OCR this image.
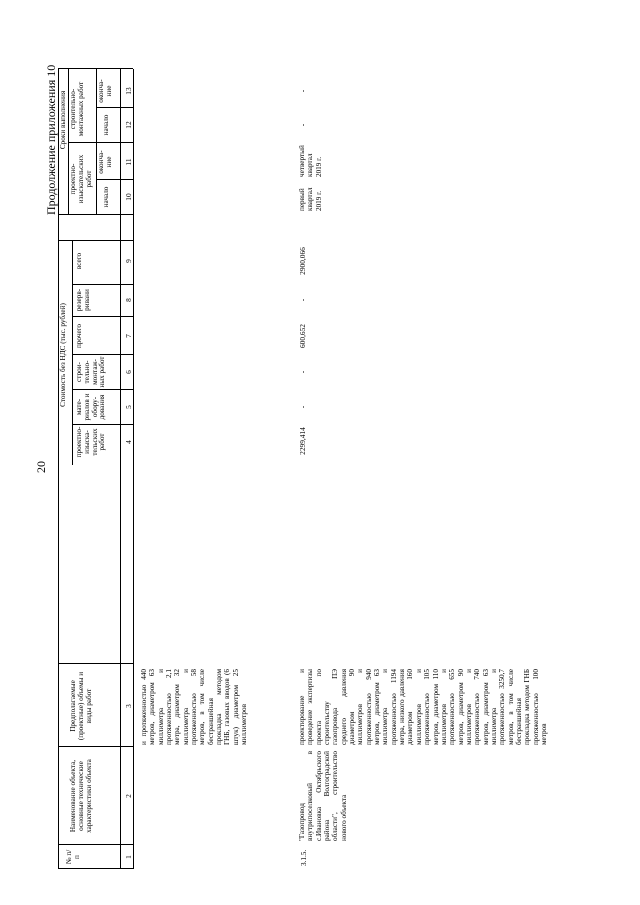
20
Продолжение приложения 10
№ п/п
Наименование объекта, основные технические характеристики объекта
Предполагаемые (проектные) объемы и виды работ
Стоимость без НДС (тыс. рублей)
проектно-изыска-тельских работ
мате-риалов и обору-дования
строи-тельно-монтаж-ных работ
прочего
резерв-ривани
всего
Сроки выполнения
проектно-изыскательских работ
строительно-монтажных работ
начало
оконча-ние
начало
оконча-ние
1
2
3
4
5
6
7
8
9
10
11
12
13
и протяженностью 440 метров, диаметром 63 миллиметра и протяженностью 2,1 метра, диаметром 32 миллиметра и протяженностью 58 метров, в том числе бестраншейная прокладка методом ГНБ, газовых вводов (6 штук) диаметром 25 миллиметров
3.1.5.
"Газопровод внутрипоселковый в с.Ивановка Октябрьского района Волгоградской области", строительство нового объекта
проектирование и проведение экспертизы проекта по строительству газопровода ПЭ среднего давления диаметром 90 миллиметров и протяженностью 940 метров, диаметром 63 миллиметра и протяженностью 1194 метра, низкого давления диаметром 160 миллиметров и протяженностью 105 метров, диаметром 110 миллиметров и протяженностью 655 метров, диаметром 90 миллиметров и протяженностью 740 метров, диаметром 63 миллиметра и протяженностью 3250,7 метров, в том числе бестраншейная прокладка методом ГНБ протяженностью 100 метров
2299,414
-
-
600,652
-
2900,066
первый квартал 2019 г.
четвертый квартал 2019 г.
-
-
